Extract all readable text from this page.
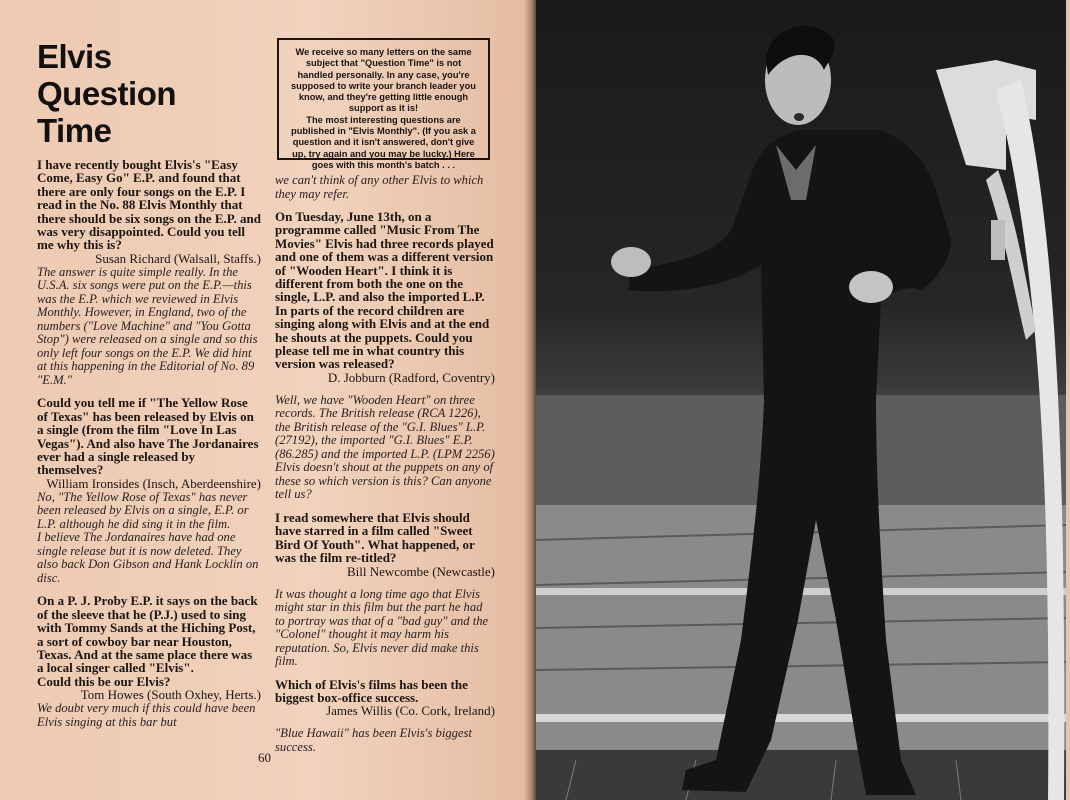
Elvis
Question
Time

We receive so many letters on the same subject that "Question Time" is not handled personally. In any case, you're supposed to write your branch leader you know, and they're getting little enough support as it is!

The most interesting questions are published in "Elvis Monthly". (If you ask a question and it isn't answered, don't give up, try again and you may be lucky.) Here goes with this month's batch . . .

I have recently bought Elvis's "Easy Come, Easy Go" E.P. and found that there are only four songs on the E.P. I read in the No. 88 Elvis Monthly that there should be six songs on the E.P. and was very disappointed. Could you tell me why this is?

Susan Richard (Walsall, Staffs.)

The answer is quite simple really. In the U.S.A. six songs were put on the E.P.—this was the E.P. which we reviewed in Elvis Monthly. However, in England, two of the numbers ("Love Machine" and "You Gotta Stop") were released on a single and so this only left four songs on the E.P. We did hint at this happening in the Editorial of No. 89 "E.M."

Could you tell me if "The Yellow Rose of Texas" has been released by Elvis on a single (from the film "Love In Las Vegas"). And also have The Jordanaires ever had a single released by themselves?

William Ironsides (Insch, Aberdeenshire)

No, "The Yellow Rose of Texas" has never been released by Elvis on a single, E.P. or L.P. although he did sing it in the film.

I believe The Jordanaires have had one single release but it is now deleted. They also back Don Gibson and Hank Locklin on disc.

On a P. J. Proby E.P. it says on the back of the sleeve that he (P.J.) used to sing with Tommy Sands at the Hiching Post, a sort of cowboy bar near Houston, Texas. And at the same place there was a local singer called "Elvis".

Could this be our Elvis?

Tom Howes (South Oxhey, Herts.)

We doubt very much if this could have been Elvis singing at this bar but

we can't think of any other Elvis to which they may refer.

On Tuesday, June 13th, on a programme called "Music From The Movies" Elvis had three records played and one of them was a different version of "Wooden Heart". I think it is different from both the one on the single, L.P. and also the imported L.P. In parts of the record children are singing along with Elvis and at the end he shouts at the puppets. Could you please tell me in what country this version was released?

D. Jobburn (Radford, Coventry)

Well, we have "Wooden Heart" on three records. The British release (RCA 1226), the British release of the "G.I. Blues" L.P. (27192), the imported "G.I. Blues" E.P. (86.285) and the imported L.P. (LPM 2256) Elvis doesn't shout at the puppets on any of these so which version is this? Can anyone tell us?

I read somewhere that Elvis should have starred in a film called "Sweet Bird Of Youth". What happened, or was the film re-titled?

Bill Newcombe (Newcastle)

It was thought a long time ago that Elvis might star in this film but the part he had to portray was that of a "bad guy" and the "Colonel" thought it may harm his reputation. So, Elvis never did make this film.

Which of Elvis's films has been the biggest box-office success.

James Willis (Co. Cork, Ireland)

"Blue Hawaii" has been Elvis's biggest success.

60
